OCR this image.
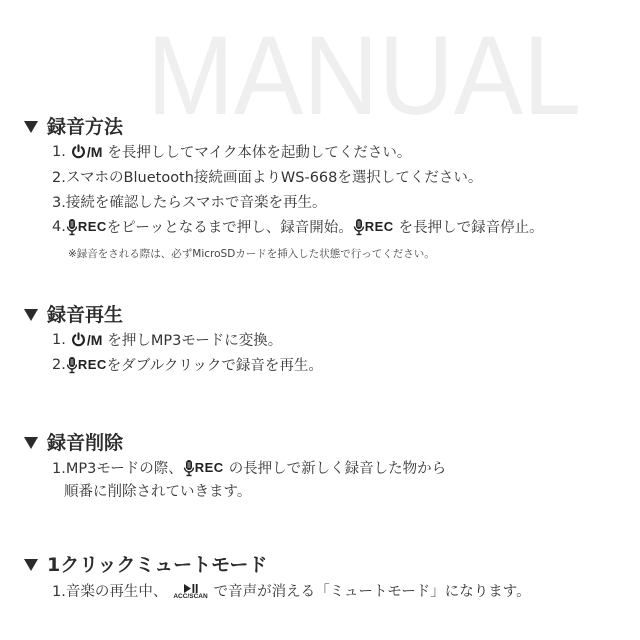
MANUAL
録音方法
1. /M を長押ししてマイク本体を起動してください。
2.スマホのBluetooth接続画面よりWS-668を選択してください。
3.接続を確認したらスマホで音楽を再生。
4. REC をピーッとなるまで押し、録音開始。 REC を長押しで録音停止。
※録音をされる際は、必ずMicroSDカードを挿入した状態で行ってください。
録音再生
1. /M を押しMP3モードに変換。
2. REC をダブルクリックで録音を再生。
録音削除
1.MP3モードの際、 REC の長押しで新しく録音した物から
順番に削除されていきます。
1クリックミュートモード
1.音楽の再生中、 ACC/SCAN で音声が消える「ミュートモード」になります。
